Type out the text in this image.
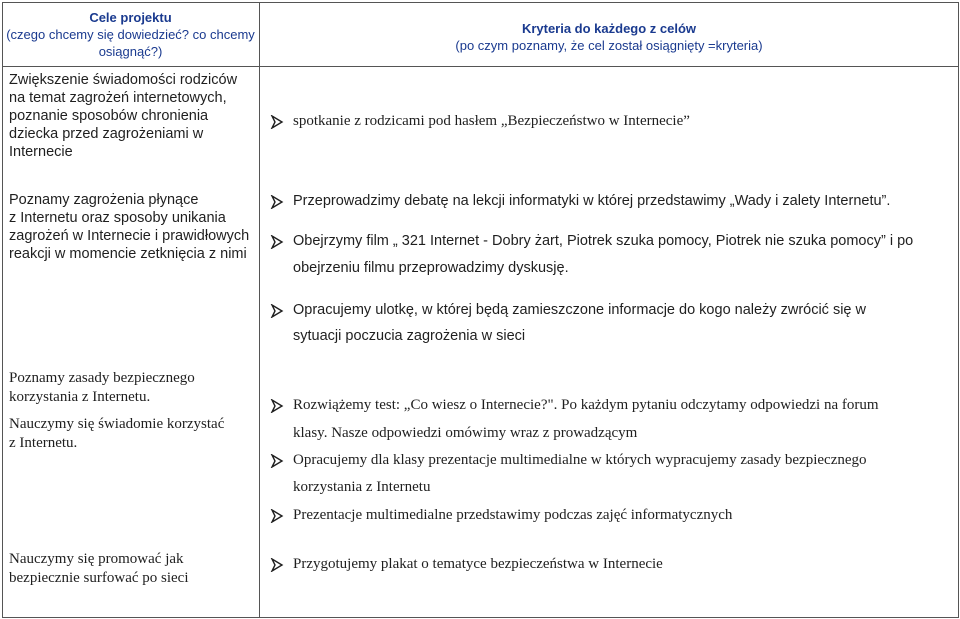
Cele projektu
(czego chcemy się dowiedzieć? co chcemy
osiągnąć?)
Kryteria do każdego z celów
(po czym poznamy, że cel został osiągnięty =kryteria)
Zwiększenie świadomości rodziców
na temat zagrożeń internetowych,
poznanie sposobów chronienia
dziecka przed zagrożeniami w
Internecie
Poznamy zagrożenia płynące
z Internetu oraz sposoby unikania
zagrożeń w Internecie i prawidłowych
reakcji w momencie zetknięcia z nimi
Poznamy zasady bezpiecznego
korzystania z Internetu.
Nauczymy się świadomie korzystać
z Internetu.
Nauczymy się promować jak
bezpiecznie surfować po sieci
spotkanie z rodzicami pod hasłem „Bezpieczeństwo w Internecie”
Przeprowadzimy debatę na lekcji informatyki w której przedstawimy „Wady i zalety Internetu”.
Obejrzymy film „ 321 Internet - Dobry żart, Piotrek szuka pomocy, Piotrek nie szuka pomocy” i po
obejrzeniu filmu przeprowadzimy dyskusję.
Opracujemy ulotkę, w której będą zamieszczone informacje do kogo należy zwrócić się w
sytuacji poczucia zagrożenia w sieci
Rozwiążemy test: „Co wiesz o Internecie?". Po każdym pytaniu odczytamy odpowiedzi na forum
klasy. Nasze odpowiedzi omówimy wraz z prowadzącym
Opracujemy dla klasy prezentacje multimedialne w których wypracujemy zasady bezpiecznego
korzystania z Internetu
Prezentacje multimedialne przedstawimy podczas zajęć informatycznych
Przygotujemy plakat o tematyce bezpieczeństwa w Internecie
